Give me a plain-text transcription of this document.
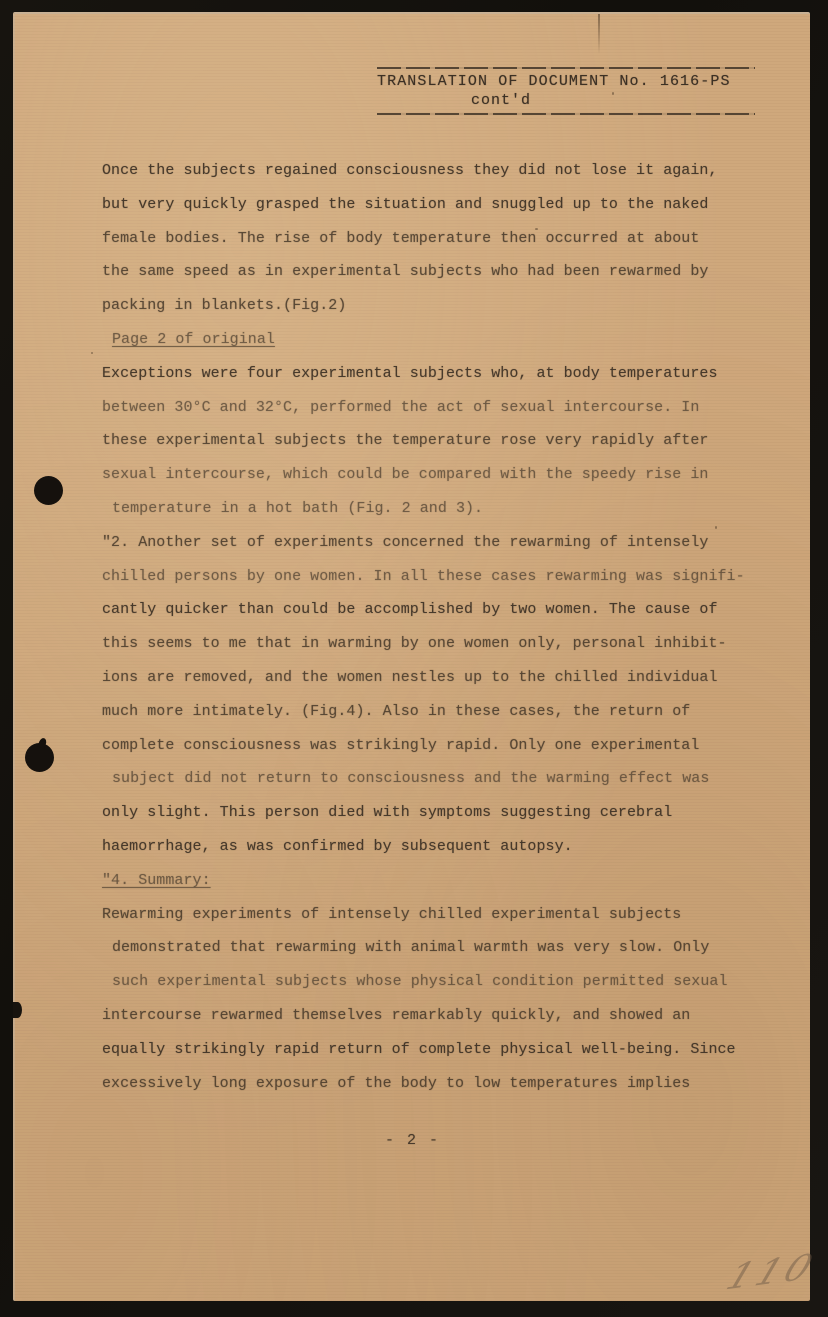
TRANSLATION OF DOCUMENT No. 1616-PS
cont'd
Once the subjects regained consciousness they did not lose it again,
but very quickly grasped the situation and snuggled up to the naked
female bodies. The rise of body temperature then occurred at about
the same speed as in experimental subjects who had been rewarmed by
packing in blankets.(Fig.2)
Page 2 of original
Exceptions were four experimental subjects who, at body temperatures
between 30°C and 32°C, performed the act of sexual intercourse. In
these experimental subjects the temperature rose very rapidly after
sexual intercourse, which could be compared with the speedy rise in
temperature in a hot bath (Fig. 2 and 3).
"2. Another set of experiments concerned the rewarming of intensely
chilled persons by one women. In all these cases rewarming was signifi-
cantly quicker than could be accomplished by two women. The cause of
this seems to me that in warming by one women only, personal inhibit-
ions are removed, and the women nestles up to the chilled individual
much more intimately. (Fig.4). Also in these cases, the return of
complete consciousness was strikingly rapid. Only one experimental
subject did not return to consciousness and the warming effect was
only slight. This person died with symptoms suggesting cerebral
haemorrhage, as was confirmed by subsequent autopsy.
"4. Summary:
Rewarming experiments of intensely chilled experimental subjects
demonstrated that rewarming with animal warmth was very slow. Only
such experimental subjects whose physical condition permitted sexual
intercourse rewarmed themselves remarkably quickly, and showed an
equally strikingly rapid return of complete physical well-being. Since
excessively long exposure of the body to low temperatures implies
- 2 -
110
